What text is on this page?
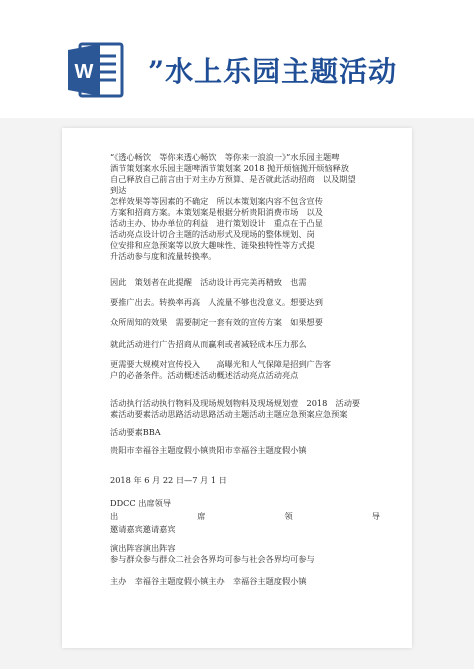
W ”水上乐园主题活动
“《透心畅饮　等你来透心畅饮　等你来一浪浪一》”水乐园主题啤
酒节策划案水乐园主题啤酒节策划案 2018 抛开烦恼抛开烦恼释放
自己释放自己前言由于对主办方预算、是否就此活动招商　以及期望
到达
怎样效果等等因素的不确定　所以本策划案内容不包含宣传
方案和招商方案。本策划案是根据分析贵阳消费市场　以及
活动主办、协办单位的利益　进行策划设计　重点在于凸显
活动亮点设计切合主题的活动形式及现场的整体规划、岗
位安排和应急预案等以放大趣味性、涟染独特性等方式提
升活动参与度和流量转换率。
因此　策划者在此提醒　活动设计再完美再精致　也需
要推广出去。转换率再高　人流量不够也没意义。想要达到
众所周知的效果　需要制定一套有效的宣传方案　如果想要
就此活动进行广告招商从而赢利或者减轻成本压力那么
更需要大规模对宣传投入　　高曝光和人气保障是招到广告客
户的必备条件。活动概述活动概述活动亮点活动亮点
活动执行活动执行物料及现场规划物料及现场规划壹　2018　活动要
素活动要素活动思路活动思路活动主题活动主题应急预案应急预案
活动要素BBA
贵阳市幸福谷主题度假小镇贵阳市幸福谷主题度假小镇
2018 年 6 月 22 日—7 月 1 日
DDCC 出席领导
出	席	领	导
邀请嘉宾邀请嘉宾
演出阵容演出阵容
参与群众参与群众二社会各界均可参与社会各界均可参与
主办　幸福谷主题度假小镇主办　幸福谷主题度假小镇
